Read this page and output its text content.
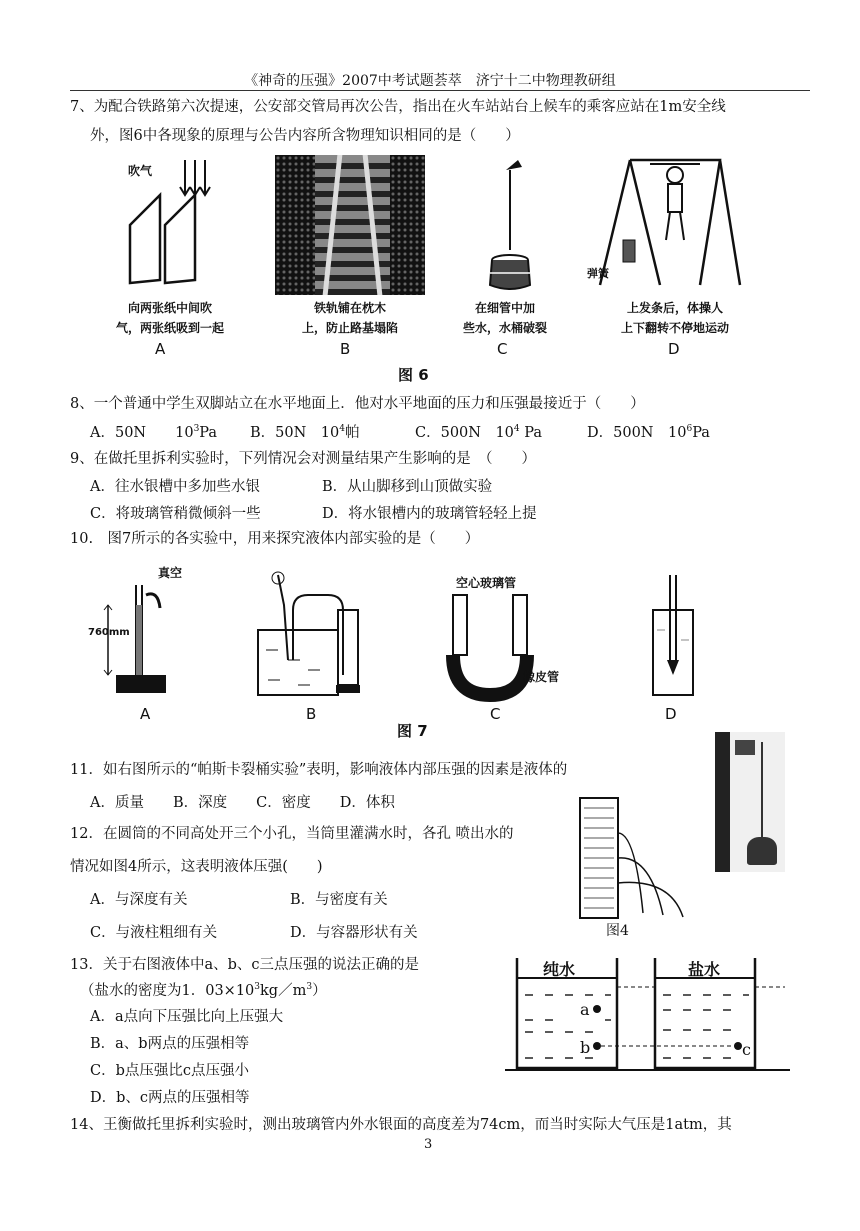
《神奇的压强》2007中考试题荟萃　济宁十二中物理教研组
7、为配合铁路第六次提速，公安部交管局再次公告，指出在火车站站台上候车的乘客应站在1m安全线
外，图6中各现象的原理与公告内容所含物理知识相同的是（　　）
吹气
弹簧
向两张纸中间吹
气，两张纸吸到一起
铁轨铺在枕木
上，防止路基塌陷
在细管中加
些水，水桶破裂
上发条后，体操人
上下翻转不停地运动
A	B	C	D
图 6
8、一个普通中学生双脚站立在水平地面上．他对水平地面的压力和压强最接近于（　　）
A．50N　　$10^3Pa$ B．50N　$10^4$帕	C．500N　$10^4$ Pa	D．500N　$10^6Pa$
9、在做托里拆利实验时，下列情况会对测量结果产生影响的是　（　　）
A．往水银槽中多加些水银	B．从山脚移到山顶做实验
C．将玻璃管稍微倾斜一些	D．将水银槽内的玻璃管轻轻上提
10.　图7所示的各实验中，用来探究液体内部实验的是（　　）
真空
760mm
空心玻璃管
橡皮管
A	B	C	D
图 7
11．如右图所示的“帕斯卡裂桶实验”表明，影响液体内部压强的因素是液体的
A．质量　　B．深度　　C．密度　　D．体积
图4
12．在圆筒的不同高处开三个小孔，当筒里灌满水时，各孔 喷出水的
情况如图4所示，这表明液体压强(　　)
A．与深度有关	B．与密度有关
C．与液柱粗细有关	D．与容器形状有关
13．关于右图液体中a、b、c三点压强的说法正确的是
（盐水的密度为1．$03\times 10^3kg/m^3$）
A．a点向下压强比向上压强大
B．a、b两点的压强相等
C．b点压强比c点压强小
D．b、c两点的压强相等
纯水	盐水
a
b	c
14、王衡做托里拆利实验时，测出玻璃管内外水银面的高度差为74cm，而当时实际大气压是1atm，其
3
